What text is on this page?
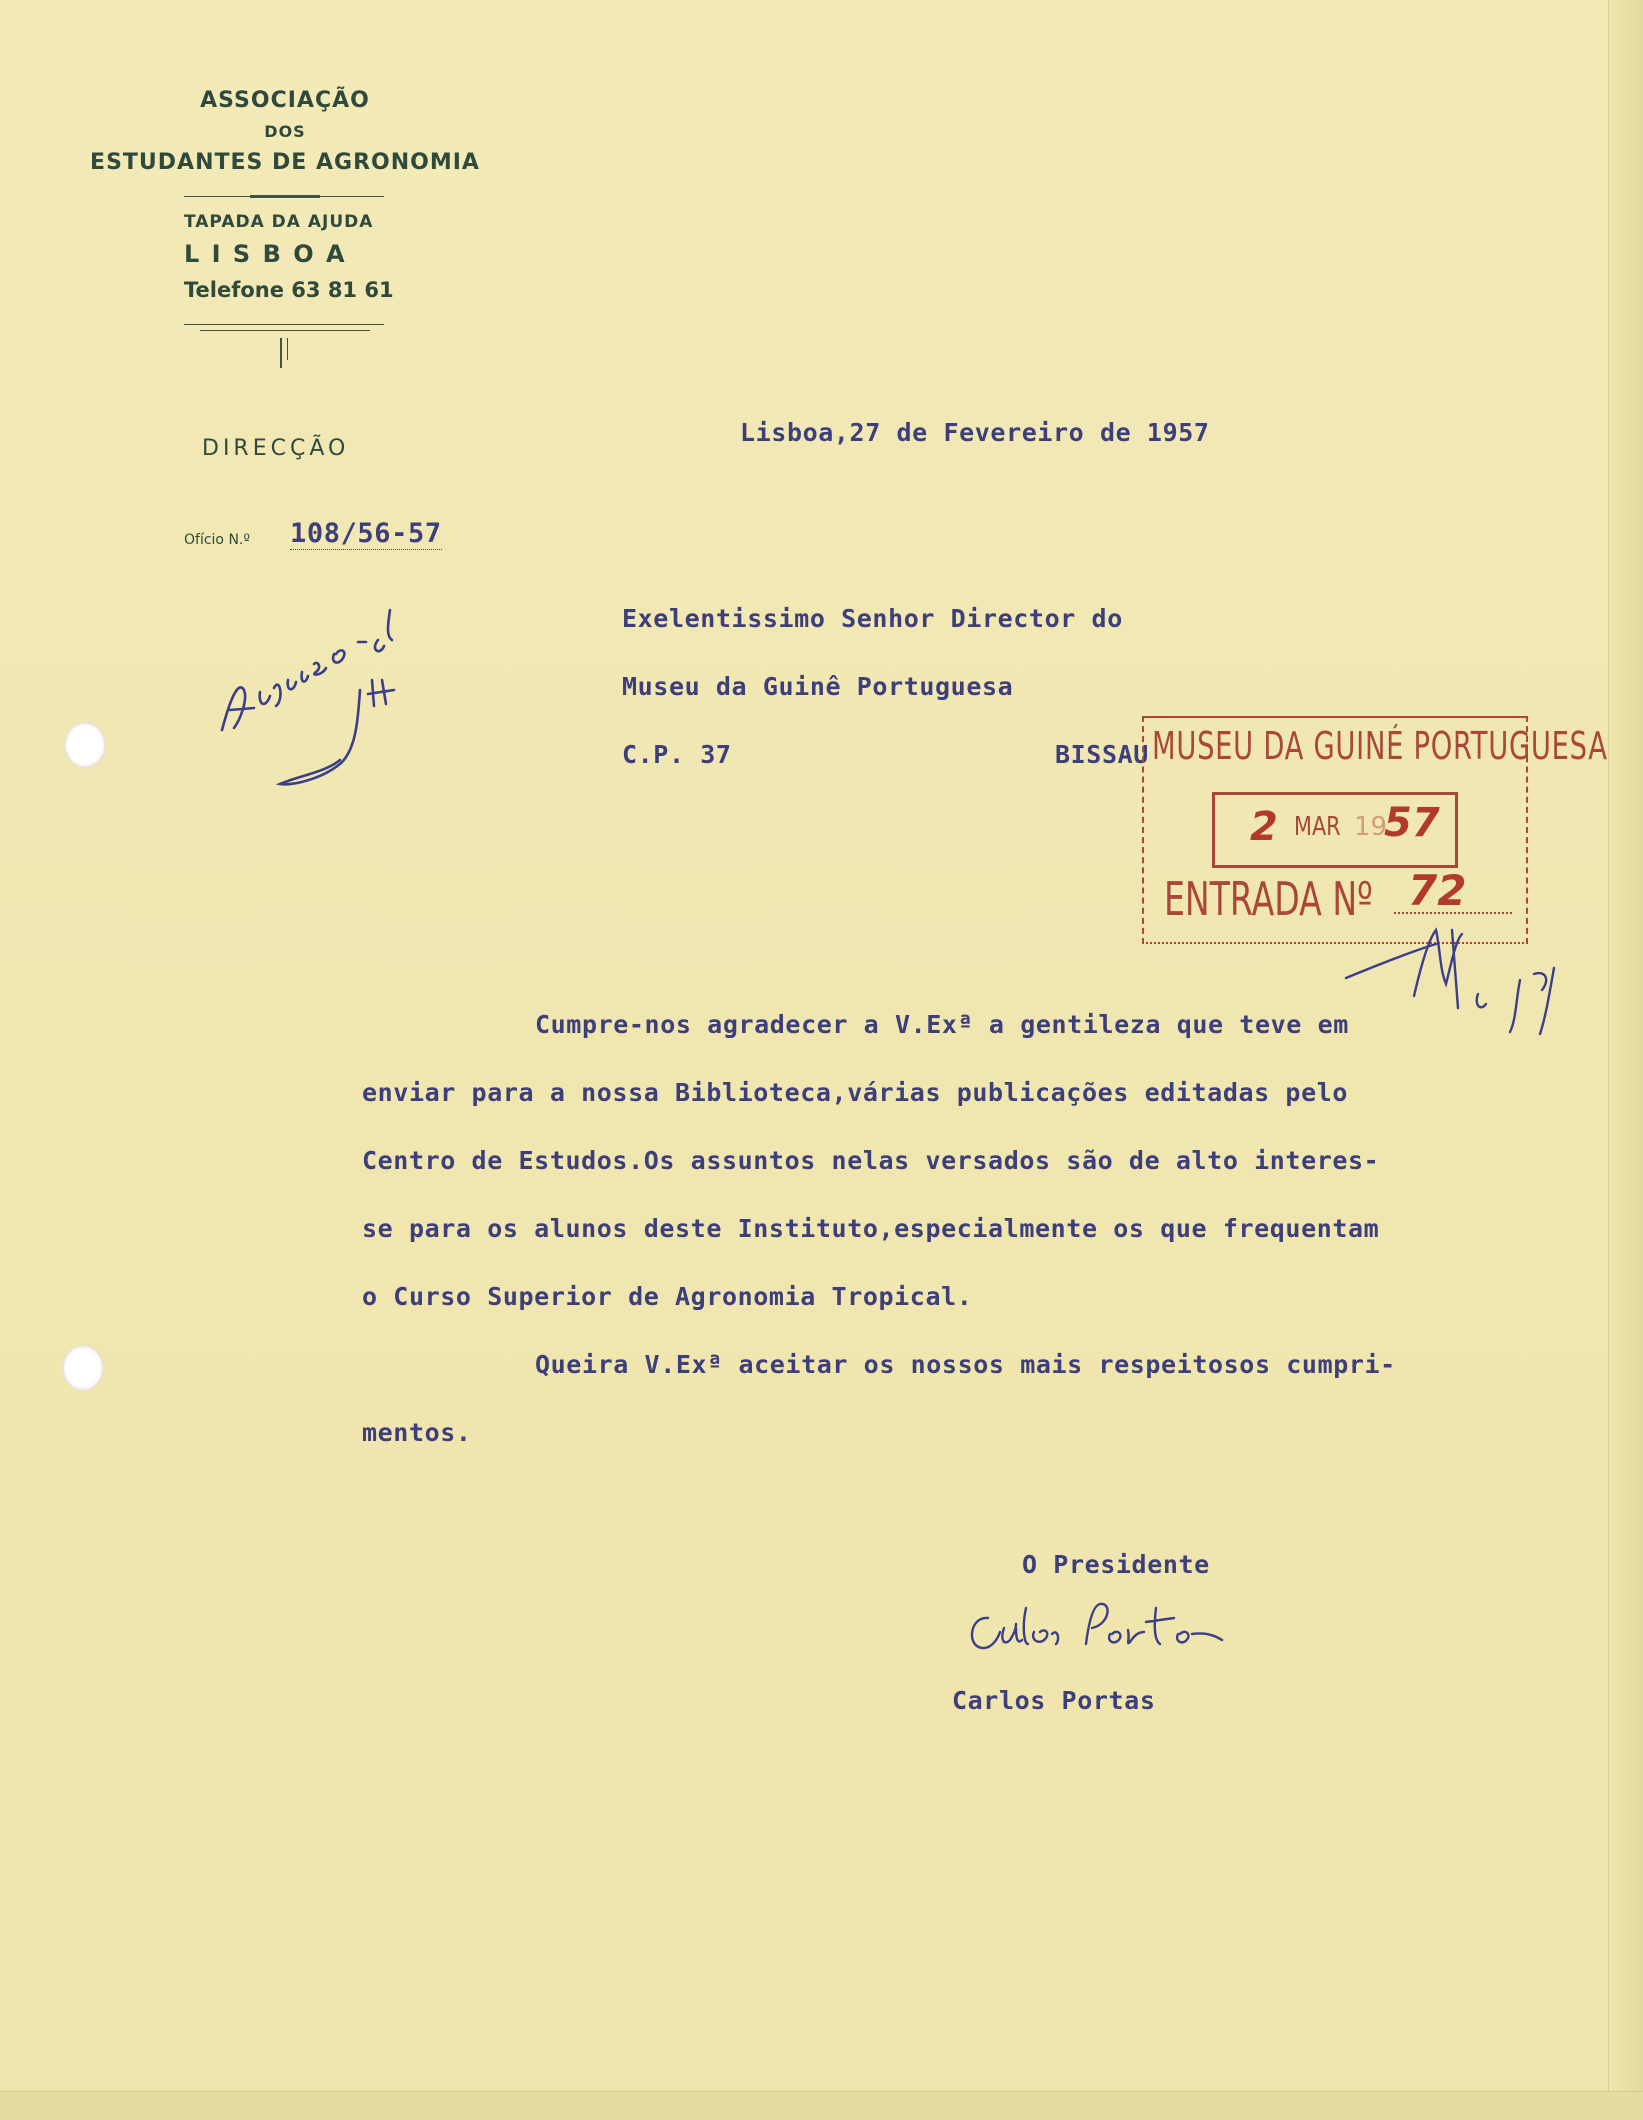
ASSOCIAÇÃO
DOS
ESTUDANTES DE AGRONOMIA
TAPADA DA AJUDA
L I S B O A
Telefone 63 81 61
DIRECÇÃO
Ofício N.º 108/56-57
Lisboa,27 de Fevereiro de 1957
Exelentissimo Senhor Director do
Museu da Guinê Portuguesa
C.P. 37	BISSAU
Cumpre-nos agradecer a V.Exª a gentileza que teve em
enviar para a nossa Biblioteca,várias publicações editadas pelo
Centro de Estudos.Os assuntos nelas versados são de alto interes-
se para os alunos deste Instituto,especialmente os que frequentam
o Curso Superior de Agronomia Tropical.
Queira V.Exª aceitar os nossos mais respeitosos cumpri-
mentos.
O Presidente
Carlos Portas
MUSEU DA GUINÉ PORTUGUESA
2 MAR 19
57
ENTRADA Nº 72
